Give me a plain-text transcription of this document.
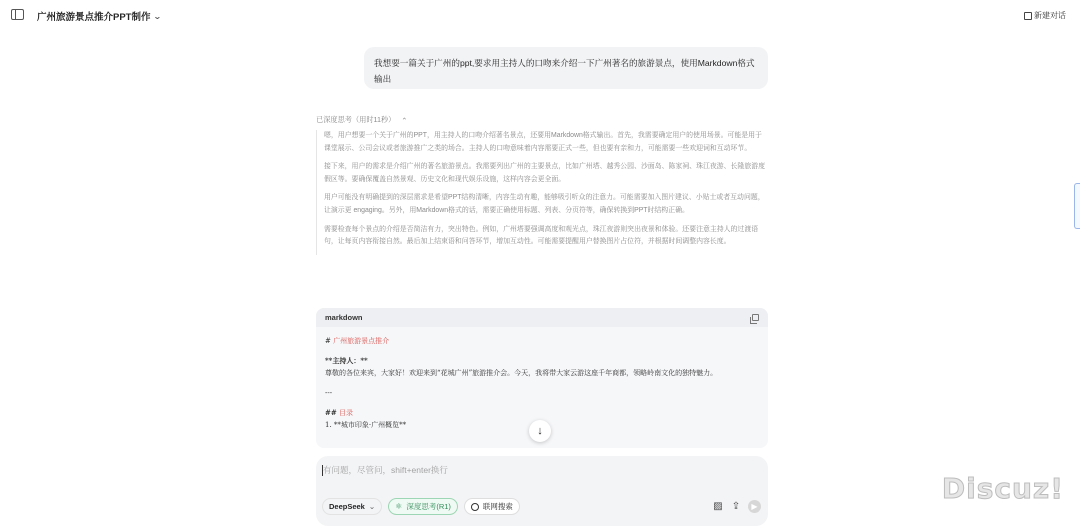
广州旅游景点推介PPT制作 ⌄	新建对话
我想要一篇关于广州的ppt,要求用主持人的口吻来介绍一下广州著名的旅游景点，使用Markdown格式输出
已深度思考（用时11秒） ⌃

嗯，用户想要一个关于广州的PPT，用主持人的口吻介绍著名景点，还要用Markdown格式输出。首先，我需要确定用户的使用场景。可能是用于课堂展示、公司会议或者旅游推广之类的场合。主持人的口吻意味着内容需要正式一些，但也要有亲和力，可能需要一些欢迎词和互动环节。

接下来，用户的需求是介绍广州的著名旅游景点。我需要列出广州的主要景点，比如广州塔、越秀公园、沙面岛、陈家祠、珠江夜游、长隆旅游度假区等。要确保覆盖自然景观、历史文化和现代娱乐设施，这样内容会更全面。

用户可能没有明确提到的深层需求是希望PPT结构清晰，内容生动有趣，能够吸引听众的注意力。可能需要加入图片建议、小贴士或者互动问题，让演示更 engaging。另外，用Markdown格式的话，需要正确使用标题、列表、分页符等，确保转换到PPT时结构正确。

需要检查每个景点的介绍是否简洁有力，突出特色。例如，广州塔要强调高度和观光点，珠江夜游则突出夜景和体验。还要注意主持人的过渡语句，让每页内容衔接自然。最后加上结束语和问答环节，增加互动性。可能需要提醒用户替换图片占位符，并根据时间调整内容长度。

markdown
# 广州旅游景点推介
**主持人：**
尊敬的各位来宾，大家好！欢迎来到“花城广州”旅游推介会。今天，我将带大家云游这座千年商都，领略岭南文化的独特魅力。
---
## 目录
1. **城市印象·广州概览**	↓
有问题，尽管问，shift+enter换行
DeepSeek ⌄	⚛ 深度思考(R1)	联网搜索	▨ ⇪	▶
Discuz!
